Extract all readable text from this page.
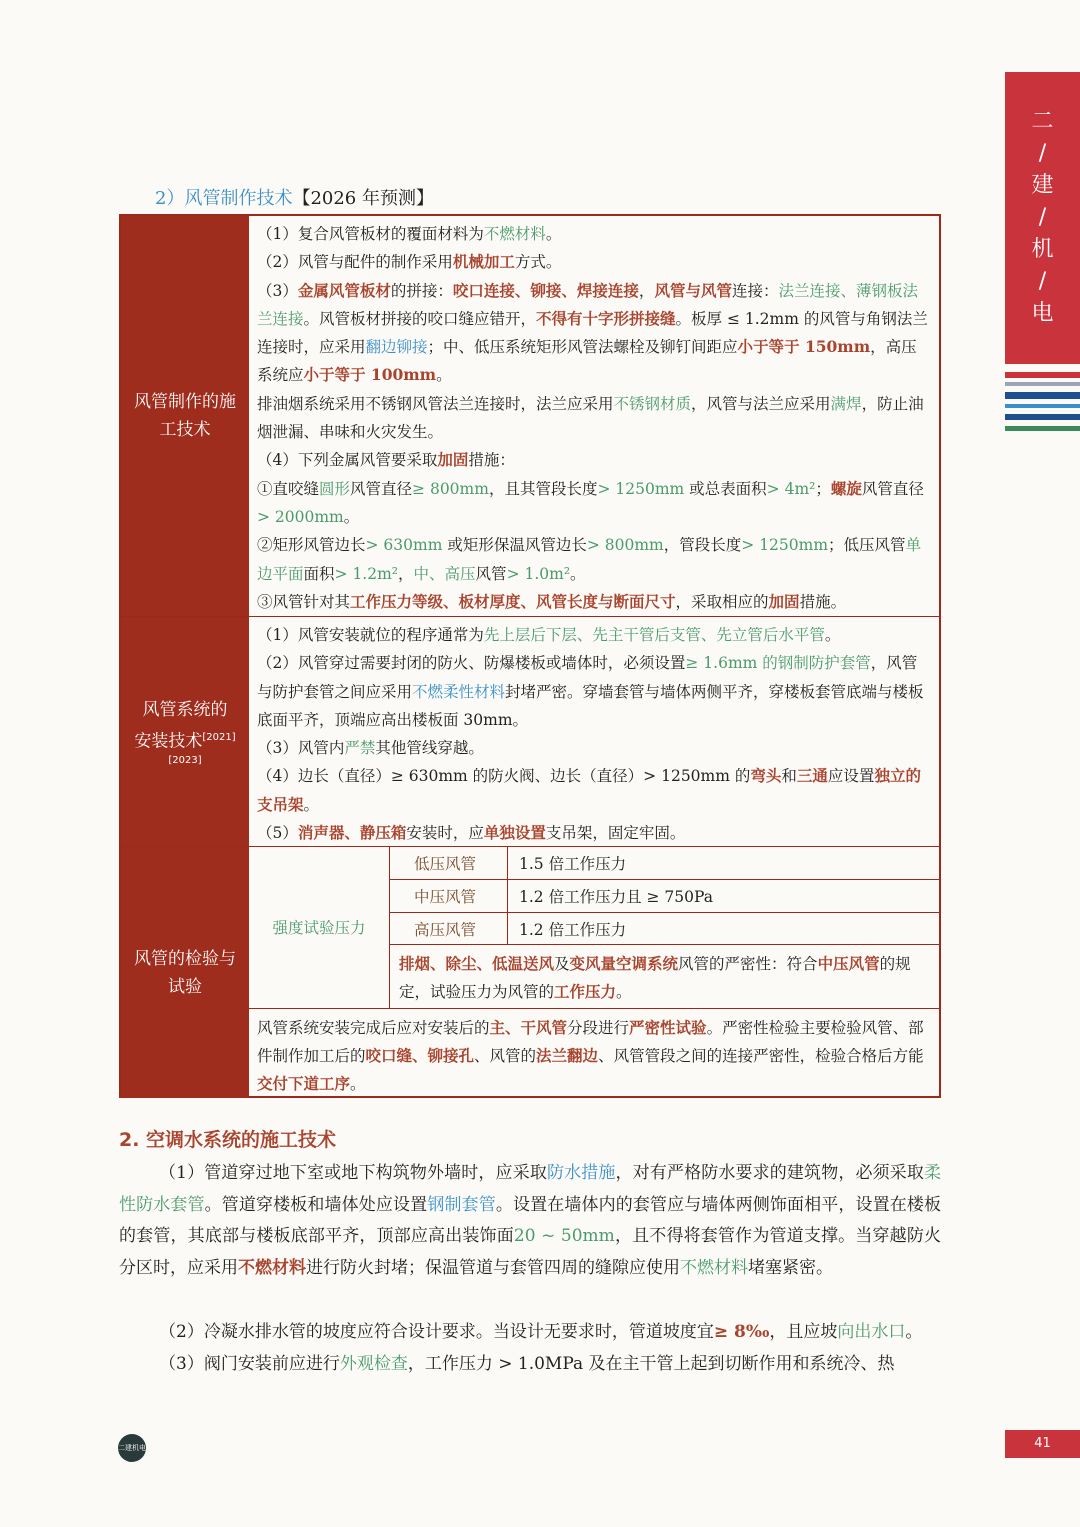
二
/
建
/
机
/
电
2）风管制作技术【2026 年预测】
风管制作的施
工技术
（1）复合风管板材的覆面材料为不燃材料。
（2）风管与配件的制作采用机械加工方式。
（3）金属风管板材的拼接：咬口连接、铆接、焊接连接，风管与风管连接：法兰连接、薄钢板法兰连接。风管板材拼接的咬口缝应错开，不得有十字形拼接缝。板厚 ≤ 1.2mm 的风管与角钢法兰连接时，应采用翻边铆接；中、低压系统矩形风管法螺栓及铆钉间距应小于等于 150mm，高压系统应小于等于 100mm。
排油烟系统采用不锈钢风管法兰连接时，法兰应采用不锈钢材质，风管与法兰应采用满焊，防止油烟泄漏、串味和火灾发生。
（4）下列金属风管要采取加固措施：
①直咬缝圆形风管直径≥ 800mm，且其管段长度> 1250mm 或总表面积> 4m²；螺旋风管直径> 2000mm。
②矩形风管边长> 630mm 或矩形保温风管边长> 800mm，管段长度> 1250mm；低压风管单边平面面积> 1.2m²，中、高压风管> 1.0m²。
③风管针对其工作压力等级、板材厚度、风管长度与断面尺寸，采取相应的加固措施。
风管系统的
安装技术[2021]
[2023]
（1）风管安装就位的程序通常为先上层后下层、先主干管后支管、先立管后水平管。
（2）风管穿过需要封闭的防火、防爆楼板或墙体时，必须设置≥ 1.6mm 的钢制防护套管，风管与防护套管之间应采用不燃柔性材料封堵严密。穿墙套管与墙体两侧平齐，穿楼板套管底端与楼板底面平齐，顶端应高出楼板面 30mm。
（3）风管内严禁其他管线穿越。
（4）边长（直径）≥ 630mm 的防火阀、边长（直径）> 1250mm 的弯头和三通应设置独立的支吊架。
（5）消声器、静压箱安装时，应单独设置支吊架，固定牢固。
风管的检验与
试验
强度试验压力
低压风管	1.5 倍工作压力
中压风管	1.2 倍工作压力且 ≥ 750Pa
高压风管	1.2 倍工作压力
排烟、除尘、低温送风及变风量空调系统风管的严密性：符合中压风管的规定，试验压力为风管的工作压力。
风管系统安装完成后应对安装后的主、干风管分段进行严密性试验。严密性检验主要检验风管、部件制作加工后的咬口缝、铆接孔、风管的法兰翻边、风管管段之间的连接严密性，检验合格后方能交付下道工序。
2. 空调水系统的施工技术
（1）管道穿过地下室或地下构筑物外墙时，应采取防水措施，对有严格防水要求的建筑物，必须采取柔性防水套管。管道穿楼板和墙体处应设置钢制套管。设置在墙体内的套管应与墙体两侧饰面相平，设置在楼板的套管，其底部与楼板底部平齐，顶部应高出装饰面20 ~ 50mm，且不得将套管作为管道支撑。当穿越防火分区时，应采用不燃材料进行防火封堵；保温管道与套管四周的缝隙应使用不燃材料堵塞紧密。
（2）冷凝水排水管的坡度应符合设计要求。当设计无要求时，管道坡度宜≥ 8‰，且应坡向出水口。
（3）阀门安装前应进行外观检查，工作压力 > 1.0MPa 及在主干管上起到切断作用和系统冷、热
二建机电	41
